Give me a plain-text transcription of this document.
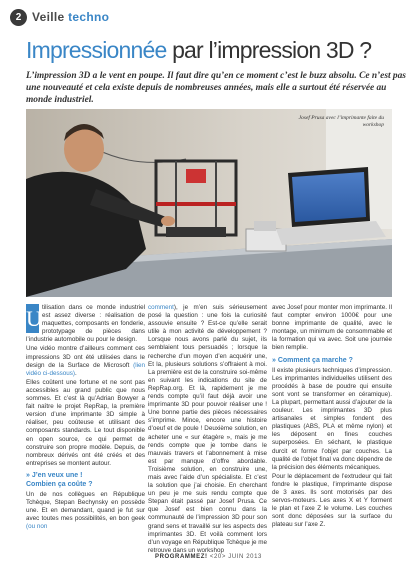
2 Veille techno
Impressionnée par l’impression 3D ?
L’impression 3D a le vent en poupe. Il faut dire qu’en ce moment c’est le buzz absolu. Ce n’est pas une nouveauté et cela existe depuis de nombreuses années, mais elle a surtout été réservée au monde industriel.
Josef Prusa avec l’imprimante faite du workshop

U tilisation dans ce monde industriel est assez diverse : réalisation de maquettes, composants en fonderie, prototypage de pièces dans l’industrie automobile ou pour le design.

Une vidéo montre d’ailleurs comment ces impressions 3D ont été utilisées dans le design de la Surface de Microsoft (lien vidéo ci-dessous).

Elles coûtent une fortune et ne sont pas accessibles au grand public que nous sommes. Et c’est là qu’Adrian Bowyer a fait naître le projet RepRap, la première version d’une imprimante 3D simple à réaliser, peu coûteuse et utilisant des composants standards. Le tout disponible en open source, ce qui permet de construire son propre modèle. Depuis, de nombreux dérivés ont été créés et des entreprises se montent autour.

» J’en veux une !
Combien ça coûte ?

Un de nos collègues en République Tchèque, Stepan Bechynsky en possède une. Et en demandant, quand je fut sur avec toutes mes possibilités, en bon geek (ou non

comment), je m’en suis sérieusement posé la question : une fois la curiosité assouvie ensuite ? Est-ce qu’elle serait utile à mon activité de développement ? Lorsque nous avons parlé du sujet, ils semblaient tous persuadés ; lorsque la recherche d’un moyen d’en acquérir une, Et la, plusieurs solutions s’offraient à moi. La première est de la construire soi-même en suivant les indications du site de RepRap.org. Et là, rapidement je me rends compte qu’il faut déjà avoir une imprimante 3D pour pouvoir réaliser une ! Une bonne partie des pièces nécessaires s’imprime. Mince, encore une histoire d’oeuf et de poule ! Deuxième solution, en acheter une « sur étagère », mais je me rends compte que je tombe dans le mauvais travers et l’abonnement à mise est par manque d’offre abordable. Troisième solution, en construire une, mais avec l’aide d’un spécialiste. Et c’est la solution que j’ai choisie. En cherchant un peu je me suis rendu compte que Stepan était passé par Josef Prusa. Ce que Josef est bien connu dans la communauté de l’impression 3D pour son grand sens et travaillé sur les aspects des imprimantes 3D. Et voilà comment lors d’un voyage en République Tchèque je me retrouve dans un workshop

avec Josef pour monter mon imprimante. Il faut compter environ 1000€ pour une bonne imprimante de qualité, avec le montage, un minimum de consommable et la formation qui va avec. Soit une journée bien remplie.

» Comment ça marche ?

Il existe plusieurs techniques d’impression. Les imprimantes individuelles utilisent des procédés à base de poudre qui ensuite sont vont se transformer en céramique). La plupart, permettant aussi d’ajouter de la couleur. Les imprimantes 3D plus artisanales et simples fondent des plastiques (ABS, PLA et même nylon) et les déposent en fines couches superposées. En séchant, le plastique durcit et forme l’objet par couches. La qualité de l’objet final va donc dépendre de la précision des éléments mécaniques.

Pour le déplacement de l’extrudeur qui fait fondre le plastique, l’imprimante dispose de 3 axes. Ils sont motorisés par des servos-moteurs. Les axes X et Y forment le plan et l’axe Z le volume. Les couches sont donc déposées sur la surface du plateau sur l’axe Z.

PROGRAMMEZ! <20> JUIN 2013
